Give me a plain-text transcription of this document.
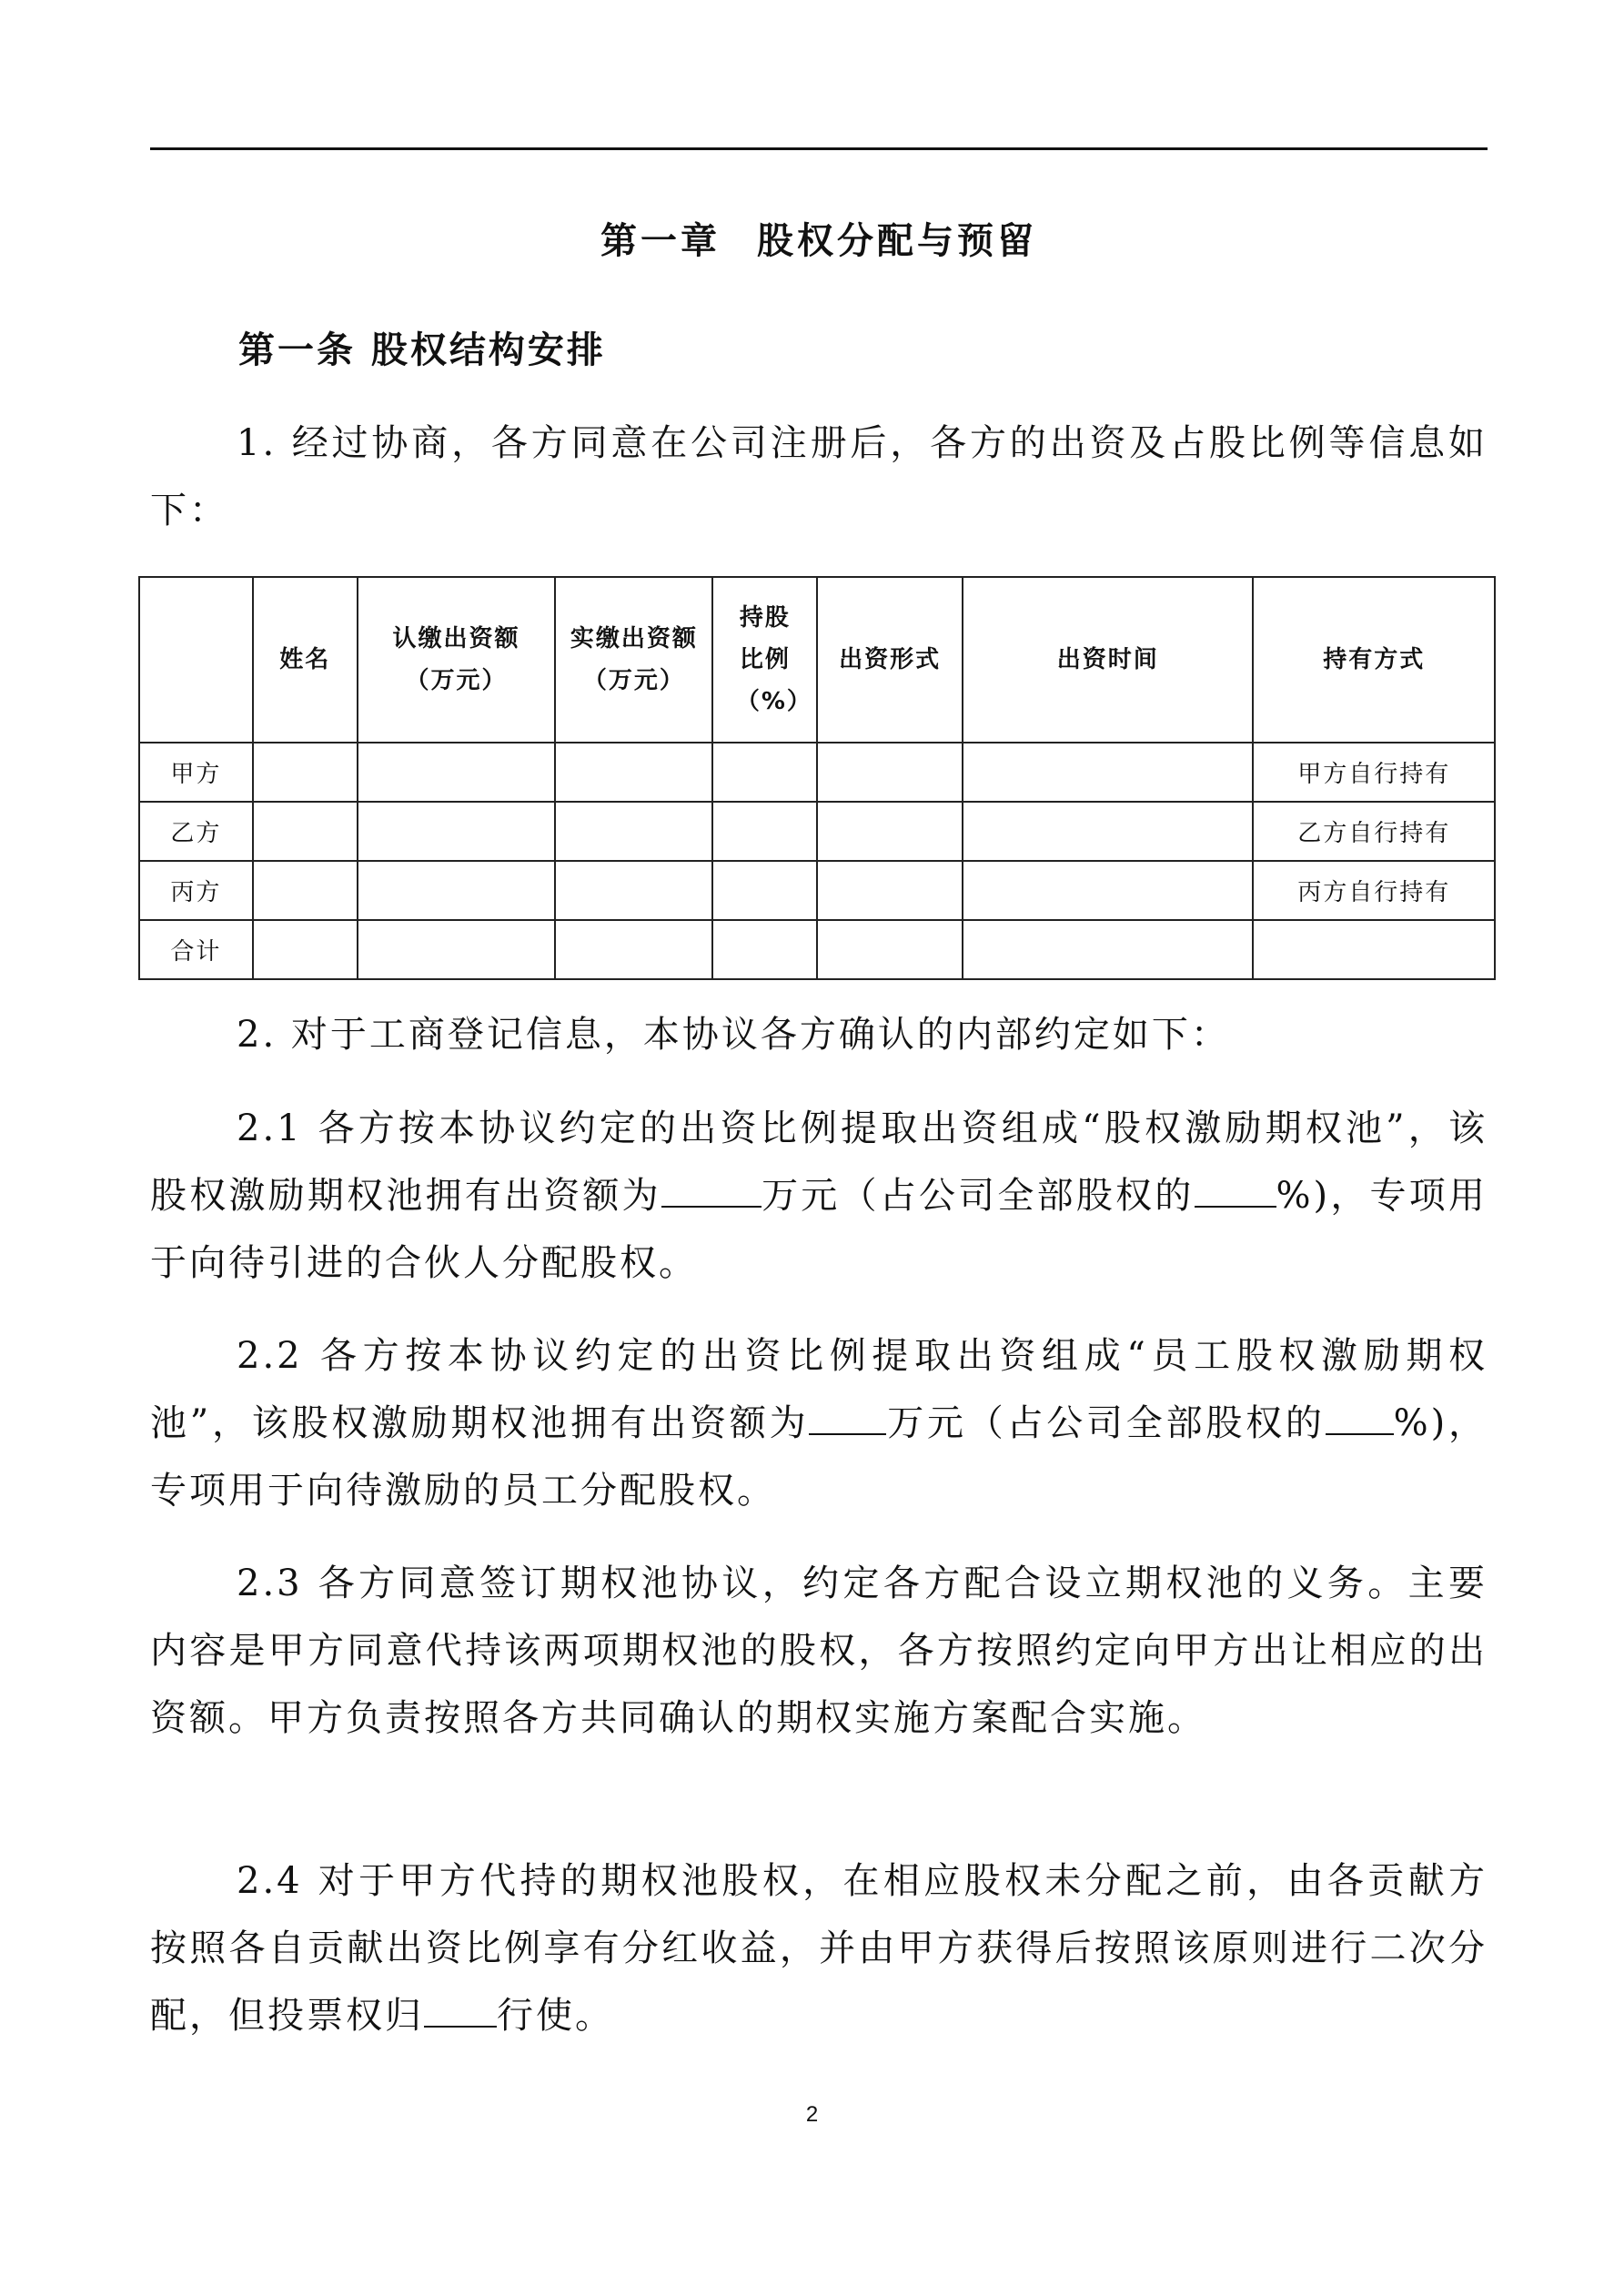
第一章 股权分配与预留
第一条 股权结构安排

1. 经过协商，各方同意在公司注册后，各方的出资及占股比例等信息如下：

	姓名	认缴出资额（万元）	实缴出资额（万元）	持股比例（%）	出资形式	出资时间	持有方式
甲方							甲方自行持有
乙方							乙方自行持有
丙方							丙方自行持有
合计							

2. 对于工商登记信息，本协议各方确认的内部约定如下：

2.1 各方按本协议约定的出资比例提取出资组成“股权激励期权池”，该股权激励期权池拥有出资额为	万元（占公司全部股权的 %)，专项用于向待引进的合伙人分配股权。

2.2 各方按本协议约定的出资比例提取出资组成“员工股权激励期权池”，该股权激励期权池拥有出资额为 万元（占公司全部股权的 %)，专项用于向待激励的员工分配股权。

2.3 各方同意签订期权池协议，约定各方配合设立期权池的义务。主要内容是甲方同意代持该两项期权池的股权，各方按照约定向甲方出让相应的出资额。甲方负责按照各方共同确认的期权实施方案配合实施。

2.4 对于甲方代持的期权池股权，在相应股权未分配之前，由各贡献方按照各自贡献出资比例享有分红收益，并由甲方获得后按照该原则进行二次分配，但投票权归 行使。

2
